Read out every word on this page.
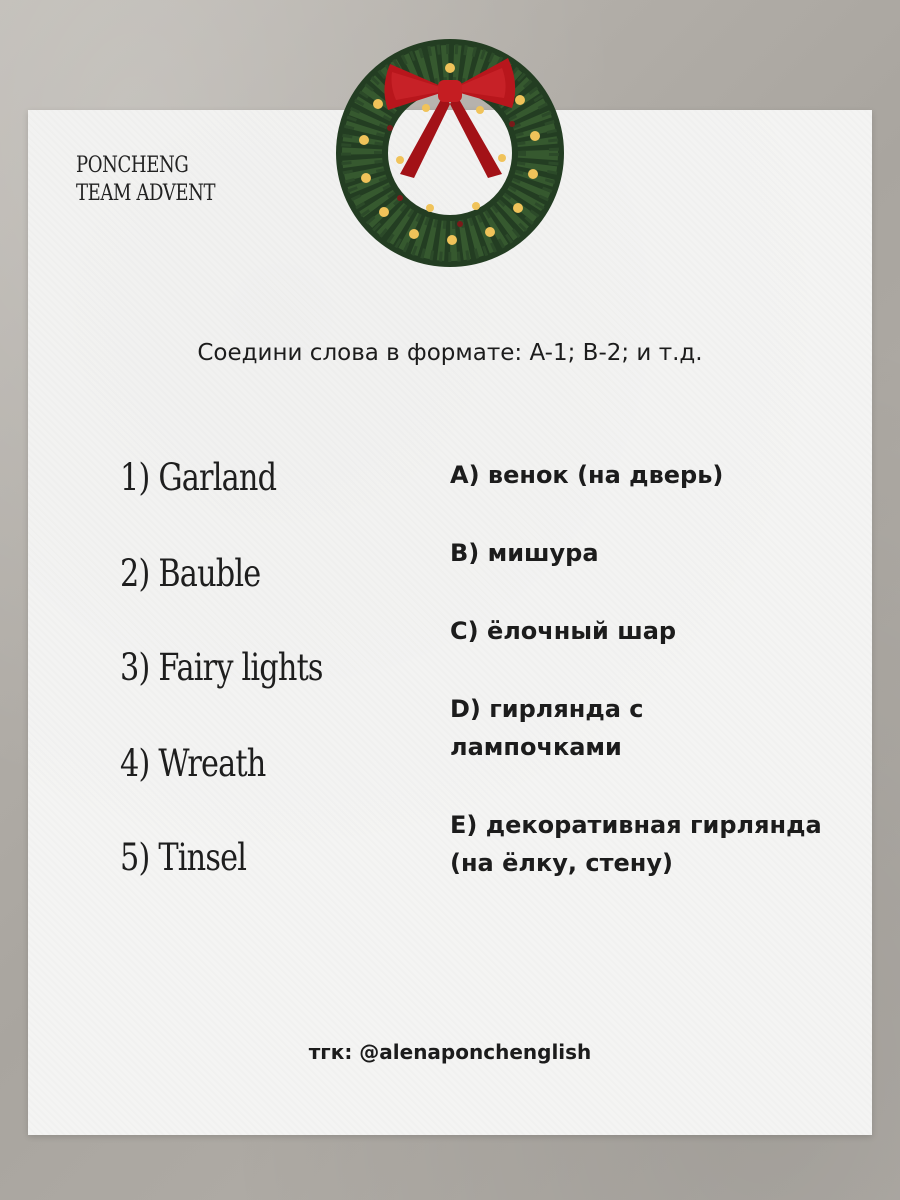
PONCHENG
TEAM ADVENT
Соедини слова в формате: A-1; B-2; и т.д.
1) Garland
2) Bauble
3) Fairy lights
4) Wreath
5) Tinsel
A) венок (на дверь)
B) мишура
C) ёлочный шар
D) гирлянда с лампочками
E) декоративная гирлянда (на ёлку, стену)
тгк: @alenaponchenglish
